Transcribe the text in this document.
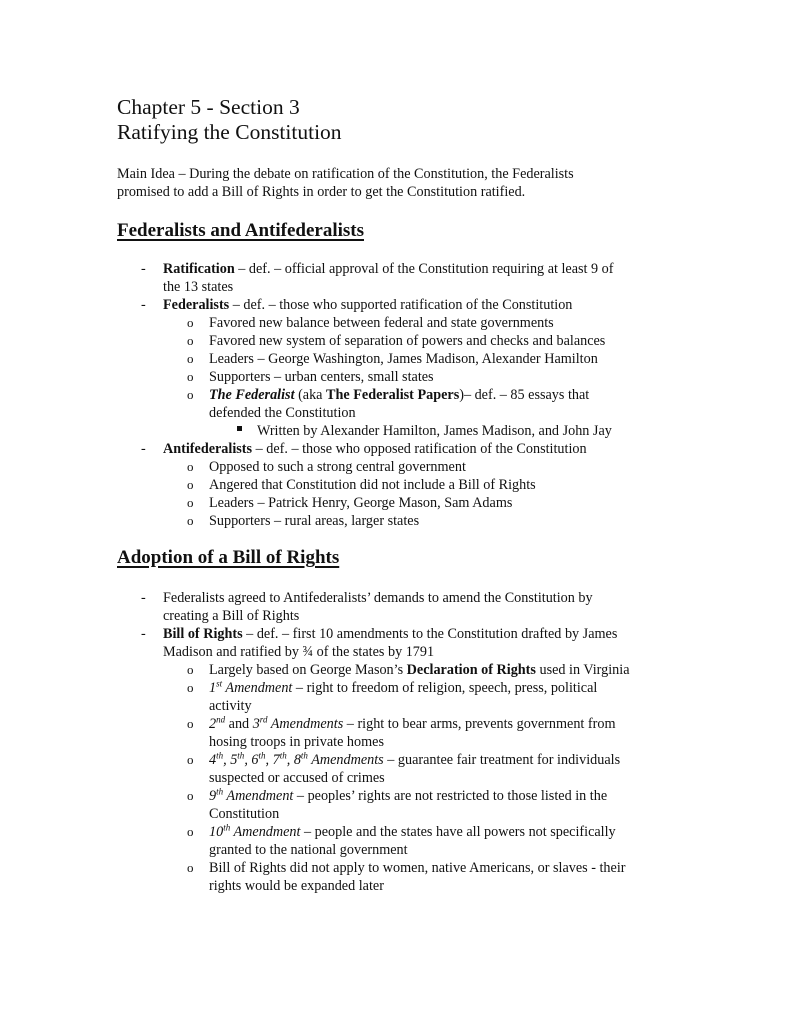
Chapter 5 - Section 3
Ratifying the Constitution
Main Idea – During the debate on ratification of the Constitution, the Federalists
promised to add a Bill of Rights in order to get the Constitution ratified.
Federalists and Antifederalists
- Ratification – def. – official approval of the Constitution requiring at least 9 of
the 13 states
- Federalists – def. – those who supported ratification of the Constitution
o Favored new balance between federal and state governments
o Favored new system of separation of powers and checks and balances
o Leaders – George Washington, James Madison, Alexander Hamilton
o Supporters – urban centers, small states
o The Federalist (aka The Federalist Papers)– def. – 85 essays that
defended the Constitution
Written by Alexander Hamilton, James Madison, and John Jay
- Antifederalists – def. – those who opposed ratification of the Constitution
o Opposed to such a strong central government
o Angered that Constitution did not include a Bill of Rights
o Leaders – Patrick Henry, George Mason, Sam Adams
o Supporters – rural areas, larger states
Adoption of a Bill of Rights
- Federalists agreed to Antifederalists’ demands to amend the Constitution by
creating a Bill of Rights
- Bill of Rights – def. – first 10 amendments to the Constitution drafted by James
Madison and ratified by ¾ of the states by 1791
o Largely based on George Mason’s Declaration of Rights used in Virginia
o 1st Amendment – right to freedom of religion, speech, press, political
activity
o 2nd and 3rd Amendments – right to bear arms, prevents government from
hosing troops in private homes
o 4th, 5th, 6th, 7th, 8th Amendments – guarantee fair treatment for individuals
suspected or accused of crimes
o 9th Amendment – peoples’ rights are not restricted to those listed in the
Constitution
o 10th Amendment – people and the states have all powers not specifically
granted to the national government
o Bill of Rights did not apply to women, native Americans, or slaves - their
rights would be expanded later
